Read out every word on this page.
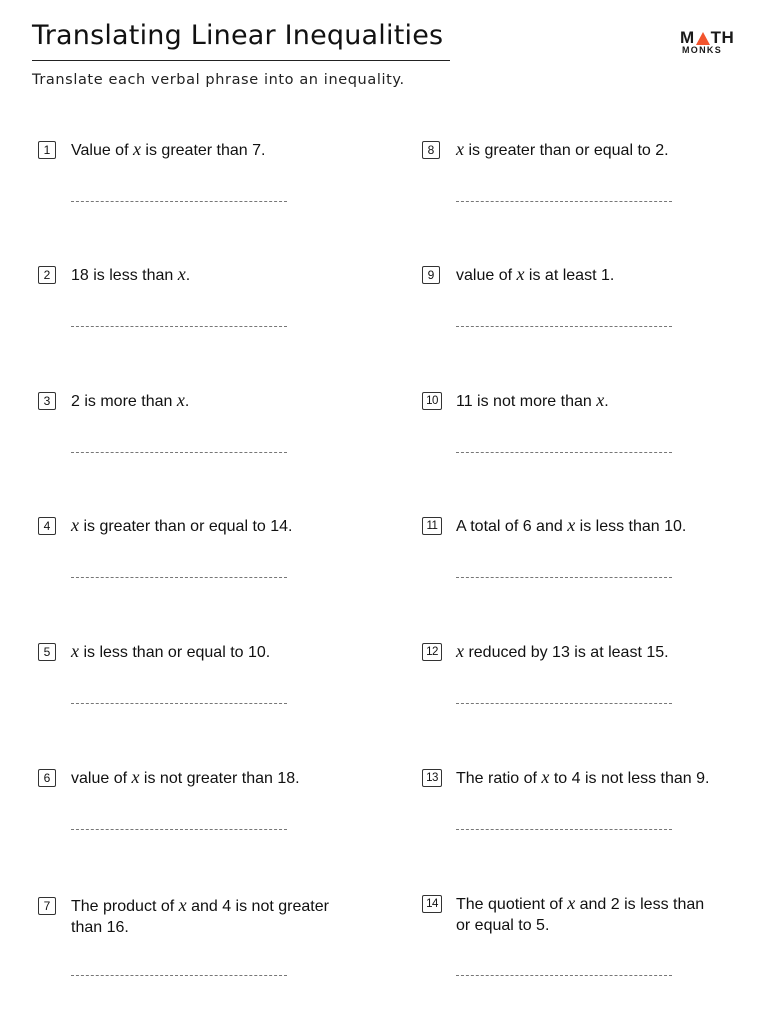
Translating Linear Inequalities
Translate each verbal phrase into an inequality.
M TH
MONKS
1	Value of x is greater than 7.
2	18 is less than x.
3	2 is more than x.
4	x is greater than or equal to 14.
5	x is less than or equal to 10.
6	value of x is not greater than 18.
7	The product of x and 4 is not greater
than 16.
8	x is greater than or equal to 2.
9	value of x is at least 1.
10 11 is not more than x.
11 A total of 6 and x is less than 10.
12 x reduced by 13 is at least 15.
13 The ratio of x to 4 is not less than 9.
14 The quotient of x and 2 is less than
or equal to 5.
